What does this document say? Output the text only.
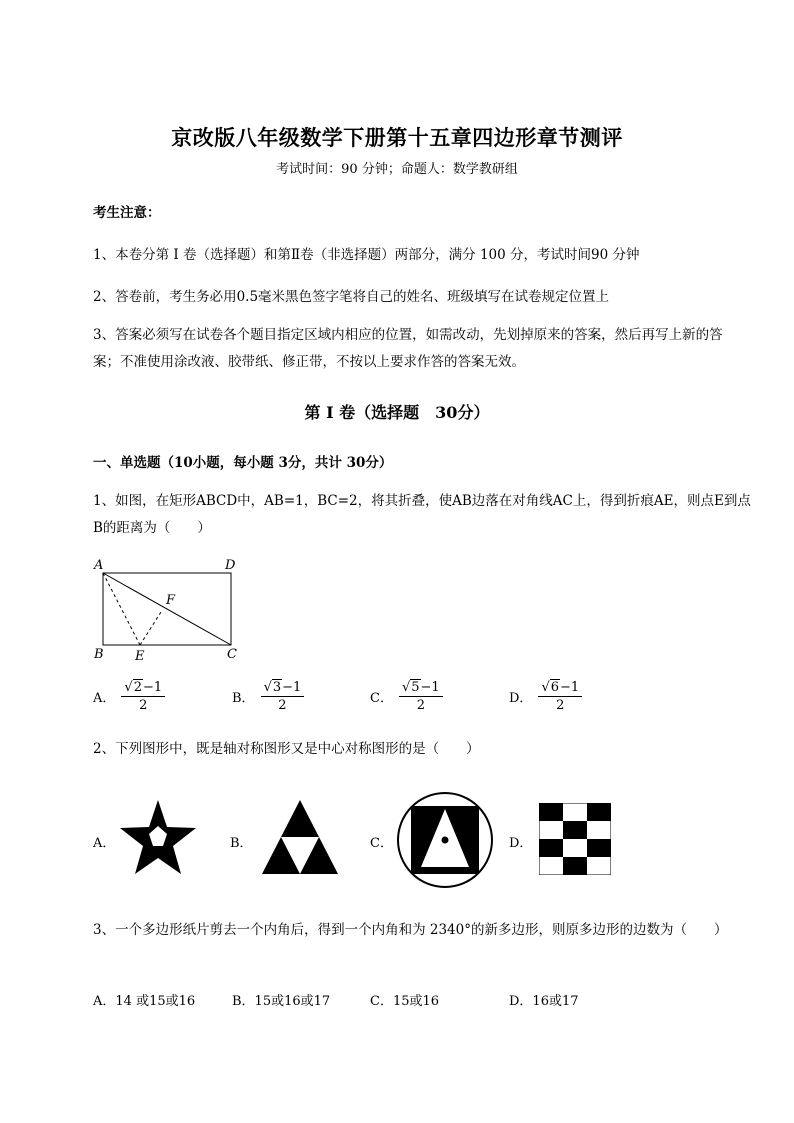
京改版八年级数学下册第十五章四边形章节测评
考试时间：90 分钟；命题人：数学教研组
考生注意：
1、本卷分第 I 卷（选择题）和第Ⅱ卷（非选择题）两部分，满分 100 分，考试时间90 分钟
2、答卷前，考生务必用0.5毫米黑色签字笔将自己的姓名、班级填写在试卷规定位置上
3、答案必须写在试卷各个题目指定区域内相应的位置，如需改动，先划掉原来的答案，然后再写上新的答案；不准使用涂改液、胶带纸、修正带，不按以上要求作答的答案无效。
第 I 卷（选择题　30分）
一、单选题（10小题，每小题 3分，共计 30分）
1、如图，在矩形ABCD中，AB=1，BC=2，将其折叠，使AB边落在对角线AC上，得到折痕AE，则点E到点B的距离为（　　）
A	D
B E	C
F
A． $\frac{√2-1}{2}$	B． $\frac{√3-1}{2}$	C． $\frac{√5-1}{2}$	D． $\frac{√6-1}{2}$
2、下列图形中，既是轴对称图形又是中心对称图形的是（　　）
A．	B．	C．	D．
3、一个多边形纸片剪去一个内角后，得到一个内角和为 2340°的新多边形，则原多边形的边数为（　　）
A．14 或15或16	B．15或16或17	C．15或16	D．16或17
